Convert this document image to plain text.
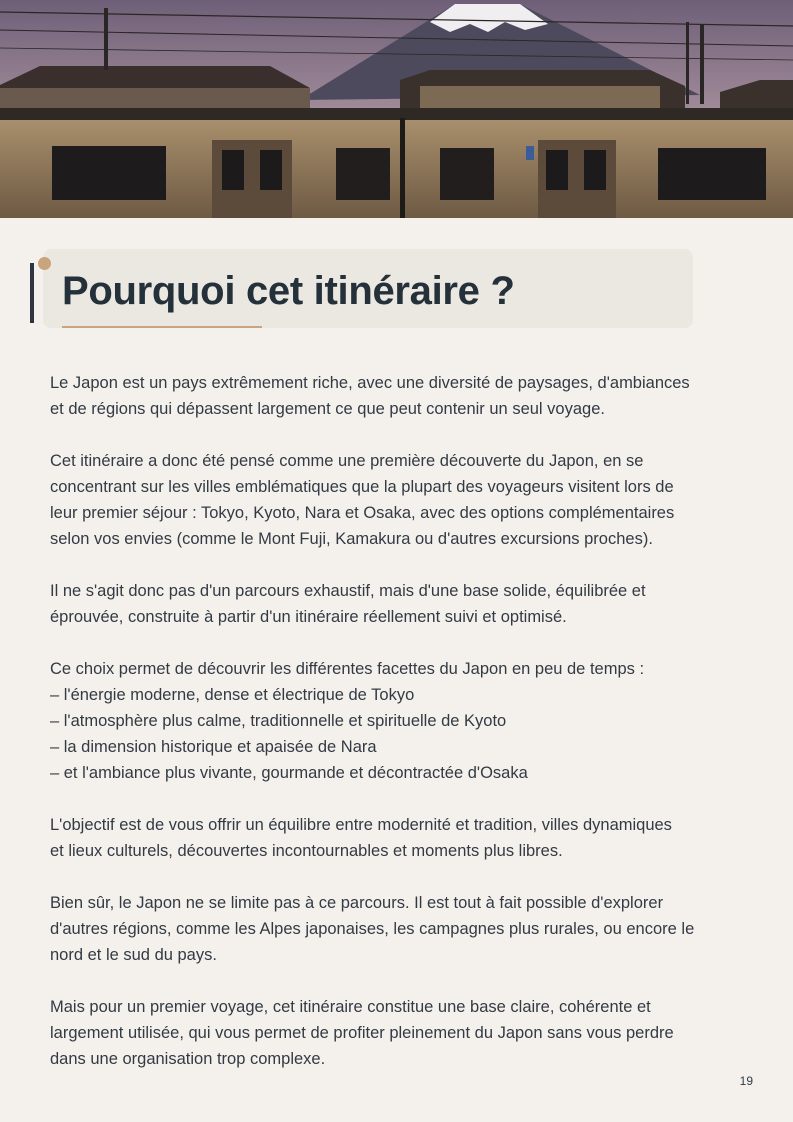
Pourquoi cet itinéraire ?

Le Japon est un pays extrêmement riche, avec une diversité de paysages, d'ambiances
et de régions qui dépassent largement ce que peut contenir un seul voyage.

Cet itinéraire a donc été pensé comme une première découverte du Japon, en se
concentrant sur les villes emblématiques que la plupart des voyageurs visitent lors de
leur premier séjour : Tokyo, Kyoto, Nara et Osaka, avec des options complémentaires
selon vos envies (comme le Mont Fuji, Kamakura ou d'autres excursions proches).

Il ne s'agit donc pas d'un parcours exhaustif, mais d'une base solide, équilibrée et
éprouvée, construite à partir d'un itinéraire réellement suivi et optimisé.

Ce choix permet de découvrir les différentes facettes du Japon en peu de temps :
– l'énergie moderne, dense et électrique de Tokyo
– l'atmosphère plus calme, traditionnelle et spirituelle de Kyoto
– la dimension historique et apaisée de Nara
– et l'ambiance plus vivante, gourmande et décontractée d'Osaka

L'objectif est de vous offrir un équilibre entre modernité et tradition, villes dynamiques
et lieux culturels, découvertes incontournables et moments plus libres.

Bien sûr, le Japon ne se limite pas à ce parcours. Il est tout à fait possible d'explorer
d'autres régions, comme les Alpes japonaises, les campagnes plus rurales, ou encore le
nord et le sud du pays.

Mais pour un premier voyage, cet itinéraire constitue une base claire, cohérente et
largement utilisée, qui vous permet de profiter pleinement du Japon sans vous perdre
dans une organisation trop complexe.

19
